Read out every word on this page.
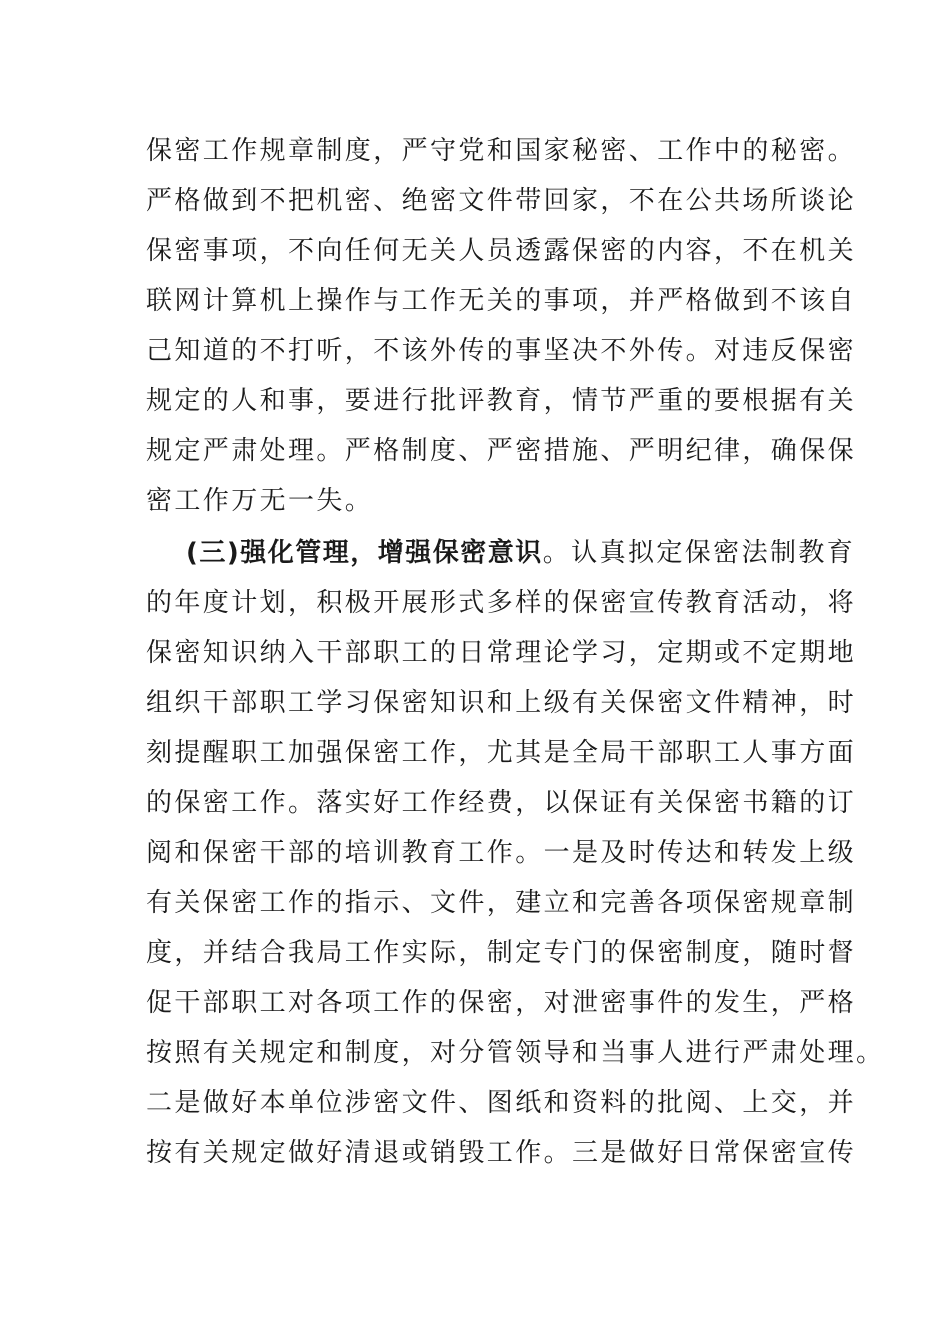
保密工作规章制度，严守党和国家秘密、工作中的秘密。
严格做到不把机密、绝密文件带回家，不在公共场所谈论
保密事项，不向任何无关人员透露保密的内容，不在机关
联网计算机上操作与工作无关的事项，并严格做到不该自
己知道的不打听，不该外传的事坚决不外传。对违反保密
规定的人和事，要进行批评教育，情节严重的要根据有关
规定严肃处理。严格制度、严密措施、严明纪律，确保保
密工作万无一失。
(三)强化管理，增强保密意识。认真拟定保密法制教育
的年度计划，积极开展形式多样的保密宣传教育活动，将
保密知识纳入干部职工的日常理论学习，定期或不定期地
组织干部职工学习保密知识和上级有关保密文件精神，时
刻提醒职工加强保密工作，尤其是全局干部职工人事方面
的保密工作。落实好工作经费，以保证有关保密书籍的订
阅和保密干部的培训教育工作。一是及时传达和转发上级
有关保密工作的指示、文件，建立和完善各项保密规章制
度，并结合我局工作实际，制定专门的保密制度，随时督
促干部职工对各项工作的保密，对泄密事件的发生，严格
按照有关规定和制度，对分管领导和当事人进行严肃处理。
二是做好本单位涉密文件、图纸和资料的批阅、上交，并
按有关规定做好清退或销毁工作。三是做好日常保密宣传
